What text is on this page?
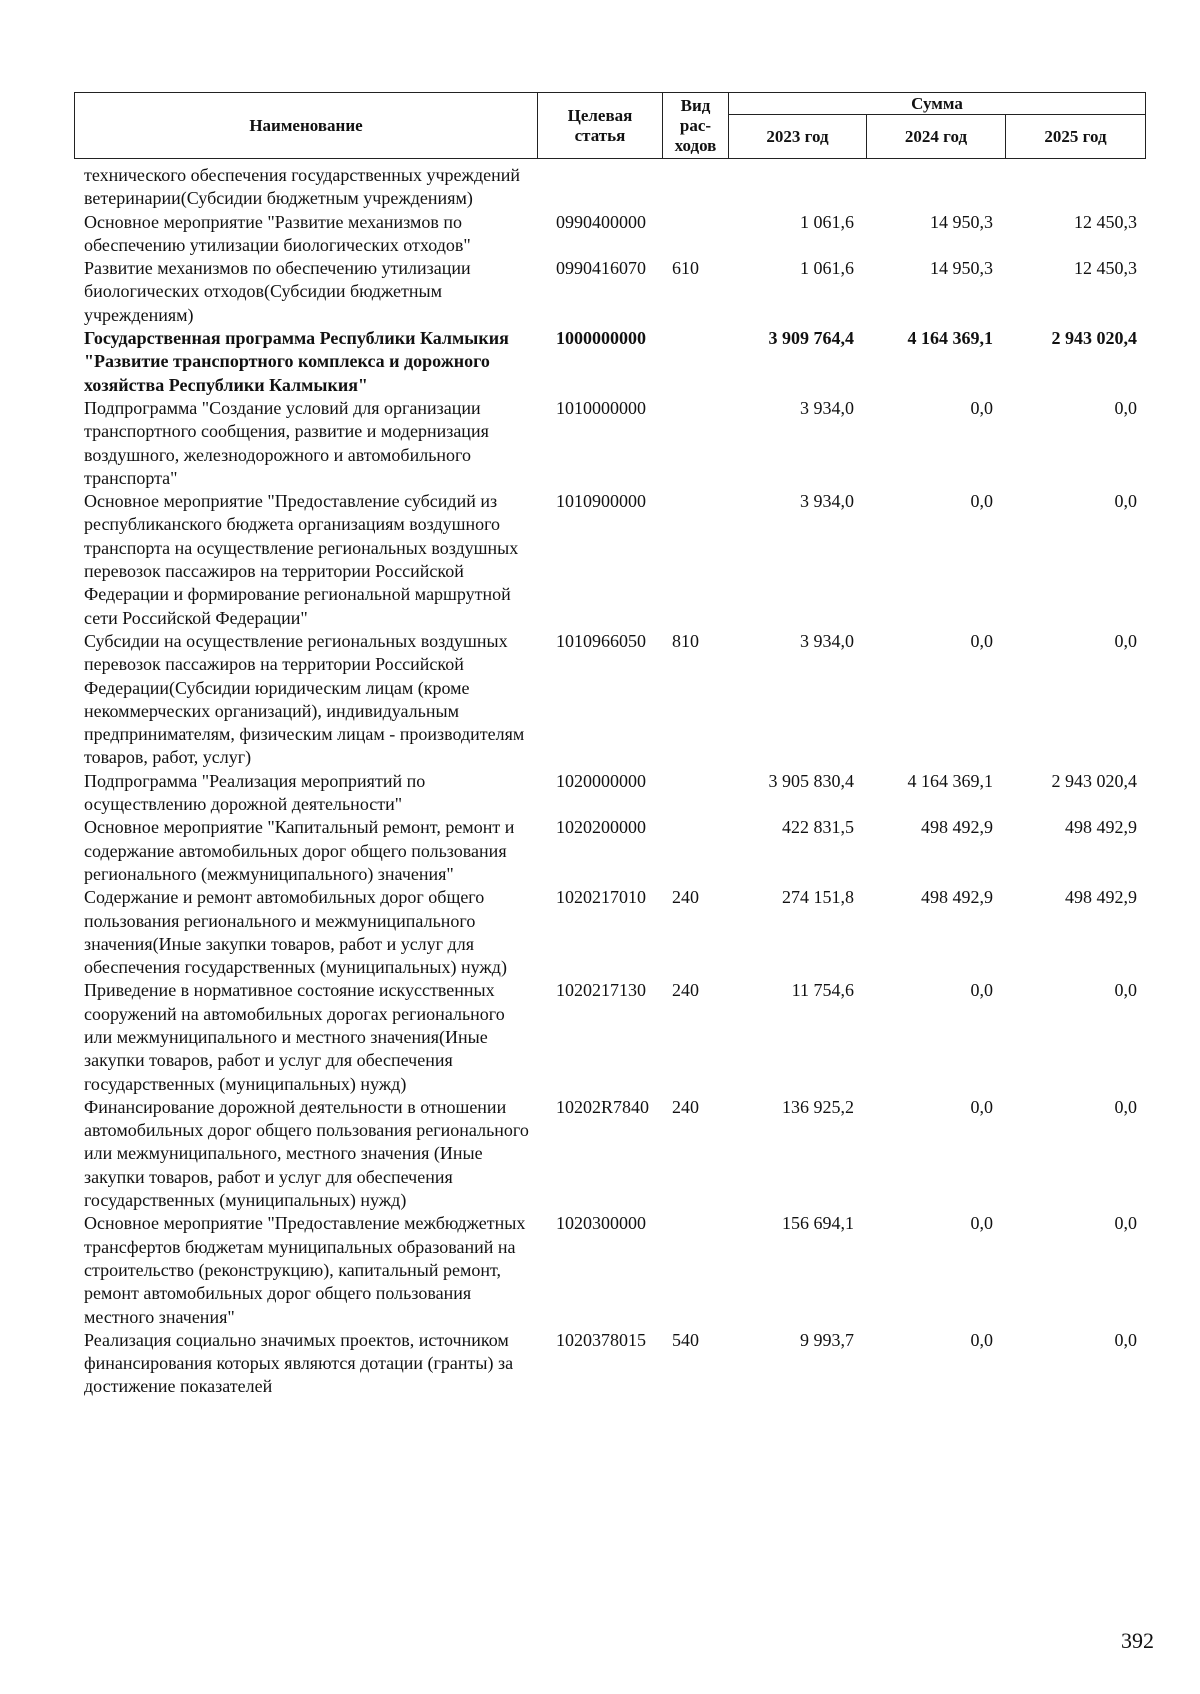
Наименование	Целевая статья	Вид рас-ходов	Сумма		
			2023 год	2024 год	2025 год
технического обеспечения государственных учреждений ветеринарии(Субсидии бюджетным учреждениям)					
Основное мероприятие "Развитие механизмов по обеспечению утилизации биологических отходов"	0990400000		1 061,6	14 950,3	12 450,3
Развитие механизмов по обеспечению утилизации биологических отходов(Субсидии бюджетным учреждениям)	0990416070	610	1 061,6	14 950,3	12 450,3
Государственная программа Республики Калмыкия "Развитие транспортного комплекса и дорожного хозяйства Республики Калмыкия"	1000000000		3 909 764,4	4 164 369,1	2 943 020,4
Подпрограмма "Создание условий для организации транспортного сообщения, развитие и модернизация воздушного, железнодорожного и автомобильного транспорта"	1010000000		3 934,0	0,0	0,0
Основное мероприятие "Предоставление субсидий из республиканского бюджета организациям воздушного транспорта на осуществление региональных воздушных перевозок пассажиров на территории Российской Федерации и формирование региональной маршрутной сети Российской Федерации"	1010900000		3 934,0	0,0	0,0
Субсидии на осуществление региональных воздушных перевозок пассажиров на территории Российской Федерации(Субсидии юридическим лицам (кроме некоммерческих организаций), индивидуальным предпринимателям, физическим лицам - производителям товаров, работ, услуг)	1010966050	810	3 934,0	0,0	0,0
Подпрограмма "Реализация мероприятий по осуществлению дорожной деятельности"	1020000000		3 905 830,4	4 164 369,1	2 943 020,4
Основное мероприятие "Капитальный ремонт, ремонт и содержание автомобильных дорог общего пользования регионального (межмуниципального) значения"	1020200000		422 831,5	498 492,9	498 492,9
Содержание и ремонт автомобильных дорог общего пользования регионального и межмуниципального значения(Иные закупки товаров, работ и услуг для обеспечения государственных (муниципальных) нужд)	1020217010	240	274 151,8	498 492,9	498 492,9
Приведение в нормативное состояние искусственных сооружений на автомобильных дорогах регионального или межмуниципального и местного значения(Иные закупки товаров, работ и услуг для обеспечения государственных (муниципальных) нужд)	1020217130	240	11 754,6	0,0	0,0
Финансирование дорожной деятельности в отношении автомобильных дорог общего пользования регионального или межмуниципального, местного значения (Иные закупки товаров, работ и услуг для обеспечения государственных (муниципальных) нужд)	10202R7840	240	136 925,2	0,0	0,0
Основное мероприятие "Предоставление межбюджетных трансфертов бюджетам муниципальных образований на строительство (реконструкцию), капитальный ремонт, ремонт автомобильных дорог общего пользования местного значения"	1020300000		156 694,1	0,0	0,0
Реализация социально значимых проектов, источником финансирования которых являются дотации (гранты) за достижение показателей	1020378015	540	9 993,7	0,0	0,0
392
